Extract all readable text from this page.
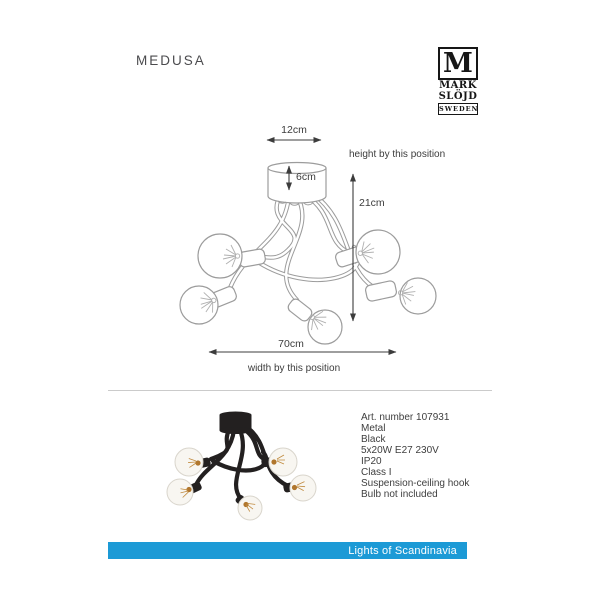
MEDUSA	M
MARK
SLÖJD
SWEDEN
12cm
6cm
height by this position
21cm
70cm
width by this position
Art. number 107931
Metal
Black
5x20W E27 230V
IP20
Class I
Suspension-ceiling hook
Bulb not included
Lights of Scandinavia
